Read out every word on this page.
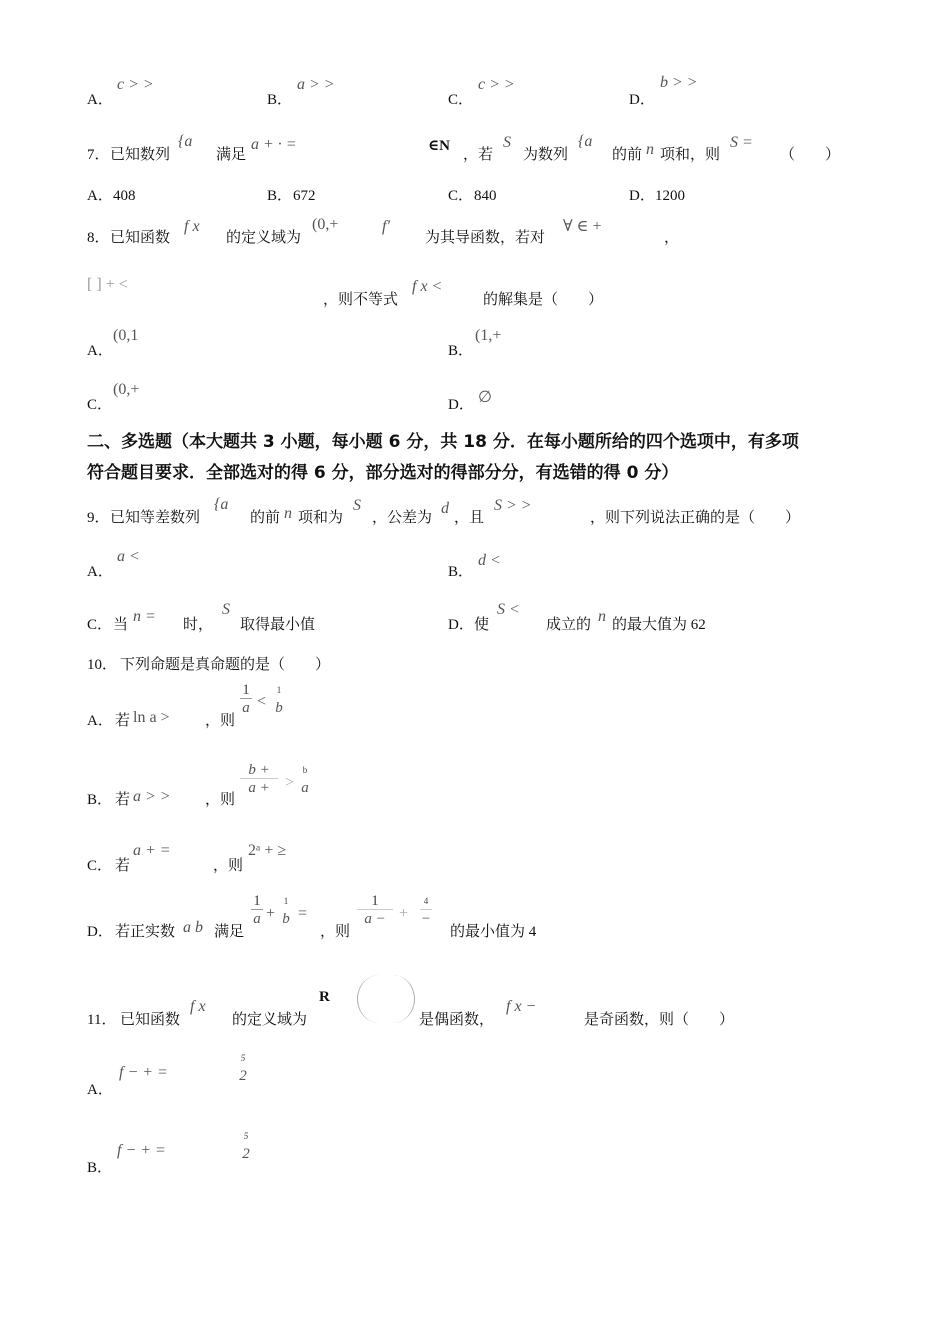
A．
c > >
B．
a > >
C．
c > >
D．
b > >
7． 已知数列
{a
满足
a + · =	∈N
，若
S
为数列
{a
的前 n 项和，则
S =
（　　）
A． 408	B． 672	C． 840	D． 1200
8． 已知函数
f x
的定义域为
(0,+	f′
为其导函数，若对
∀ ∈ +
，
[ ] + <
，则不等式
f x <
的解集是（　　）
A．
(0,1
B．
(1,+
C．
(0,+
D． ∅
二、多选题（本大题共 3 小题，每小题 6 分，共 18 分．在每小题所给的四个选项中，有多项
符合题目要求．全部选对的得 6 分，部分选对的得部分分，有选错的得 0 分）
9． 已知等差数列
{a
的前 n 项和为
S
，公差为
d
，且
S > >
，则下列说法正确的是（　　）
A．
a <
B．
d <
C． 当 n = 时，
S
取得最小值	D． 使
S <
成立的 n 的最大值为 62
10． 下列命题是真命题的是（　　）
A． 若 ln a > ，则
1
a <
1
b
B． 若 a > > ，则
b +
a + >
b
a
C． 若
a + =
，则
2ᵃ + ≥
D． 若正实数 a b 满足
1
a +
1
b =
，则
1
a − +
4
−
的最小值为 4
11． 已知函数
f x
的定义域为
R
是偶函数，
f x −
是奇函数，则（　　）
A．
f − + =
5
2
B．
f − + =
5
2
